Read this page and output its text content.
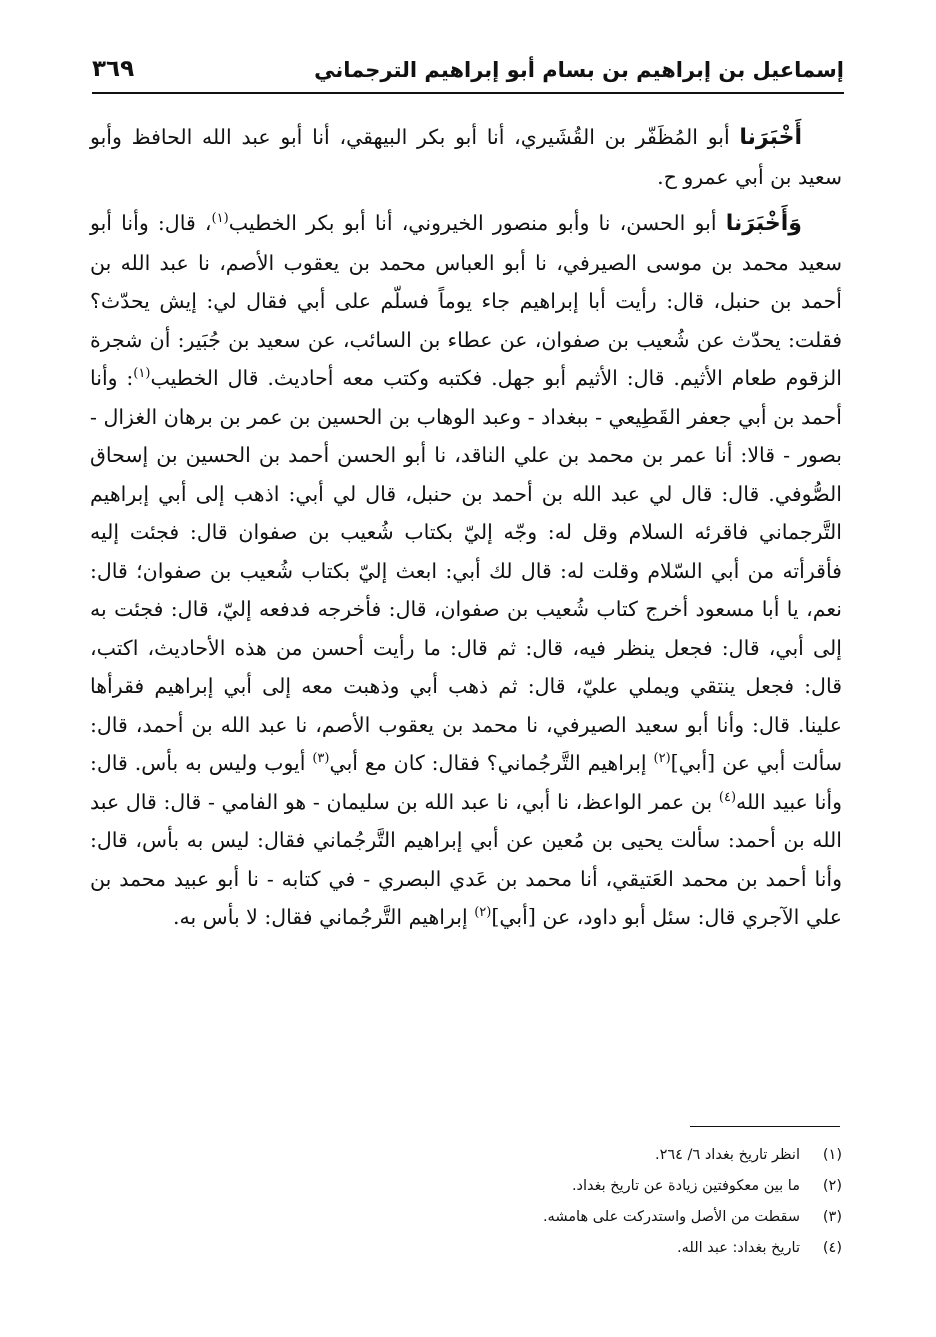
إسماعيل بن إبراهيم بن بسام أبو إبراهيم الترجماني
٣٦٩

أَخْبَرَنا أبو المُظَفّر بن القُشَيري، أنا أبو بكر البيهقي، أنا أبو عبد الله الحافظ وأبو سعيد بن أبي عمرو ح.

وَأَخْبَرَنا أبو الحسن، نا وأبو منصور الخيروني، أنا أبو بكر الخطيب$^{(١)}$، قال: وأنا أبو سعيد محمد بن موسى الصيرفي، نا أبو العباس محمد بن يعقوب الأصم، نا عبد الله بن أحمد بن حنبل، قال: رأيت أبا إبراهيم جاء يوماً فسلّم على أبي فقال لي: إيش يحدّث؟ فقلت: يحدّث عن شُعيب بن صفوان، عن عطاء بن السائب، عن سعيد بن جُبَير: أن شجرة الزقوم طعام الأثيم. قال: الأثيم أبو جهل. فكتبه وكتب معه أحاديث. قال الخطيب$^{(١)}$: وأنا أحمد بن أبي جعفر القَطِيعي - ببغداد - وعبد الوهاب بن الحسين بن عمر بن برهان الغزال - بصور - قالا: أنا عمر بن محمد بن علي الناقد، نا أبو الحسن أحمد بن الحسين بن إسحاق الصُّوفي. قال: قال لي عبد الله بن أحمد بن حنبل، قال لي أبي: اذهب إلى أبي إبراهيم التَّرجماني فاقرئه السلام وقل له: وجّه إليّ بكتاب شُعيب بن صفوان قال: فجئت إليه فأقرأته من أبي السّلام وقلت له: قال لك أبي: ابعث إليّ بكتاب شُعيب بن صفوان؛ قال: نعم، يا أبا مسعود أخرج كتاب شُعيب بن صفوان، قال: فأخرجه فدفعه إليّ، قال: فجئت به إلى أبي، قال: فجعل ينظر فيه، قال: ثم قال: ما رأيت أحسن من هذه الأحاديث، اكتب، قال: فجعل ينتقي ويملي عليّ، قال: ثم ذهب أبي وذهبت معه إلى أبي إبراهيم فقرأها علينا. قال: وأنا أبو سعيد الصيرفي، نا محمد بن يعقوب الأصم، نا عبد الله بن أحمد، قال: سألت أبي عن [أبي]$^{(٢)}$ إبراهيم التَّرجُماني؟ فقال: كان مع أبي$^{(٣)}$ أيوب وليس به بأس. قال: وأنا عبيد الله$^{(٤)}$ بن عمر الواعظ، نا أبي، نا عبد الله بن سليمان - هو الفامي - قال: قال عبد الله بن أحمد: سألت يحيى بن مُعين عن أبي إبراهيم التَّرجُماني فقال: ليس به بأس، قال: وأنا أحمد بن محمد العَتيقي، أنا محمد بن عَدي البصري - في كتابه - نا أبو عبيد محمد بن علي الآجري قال: سئل أبو داود، عن [أبي]$^{(٢)}$ إبراهيم التَّرجُماني فقال: لا بأس به.

(١)انظر تاريخ بغداد ٦/ ٢٦٤.
(٢)ما بين معكوفتين زيادة عن تاريخ بغداد.
(٣)سقطت من الأصل واستدركت على هامشه.
(٤)تاريخ بغداد: عبد الله.
